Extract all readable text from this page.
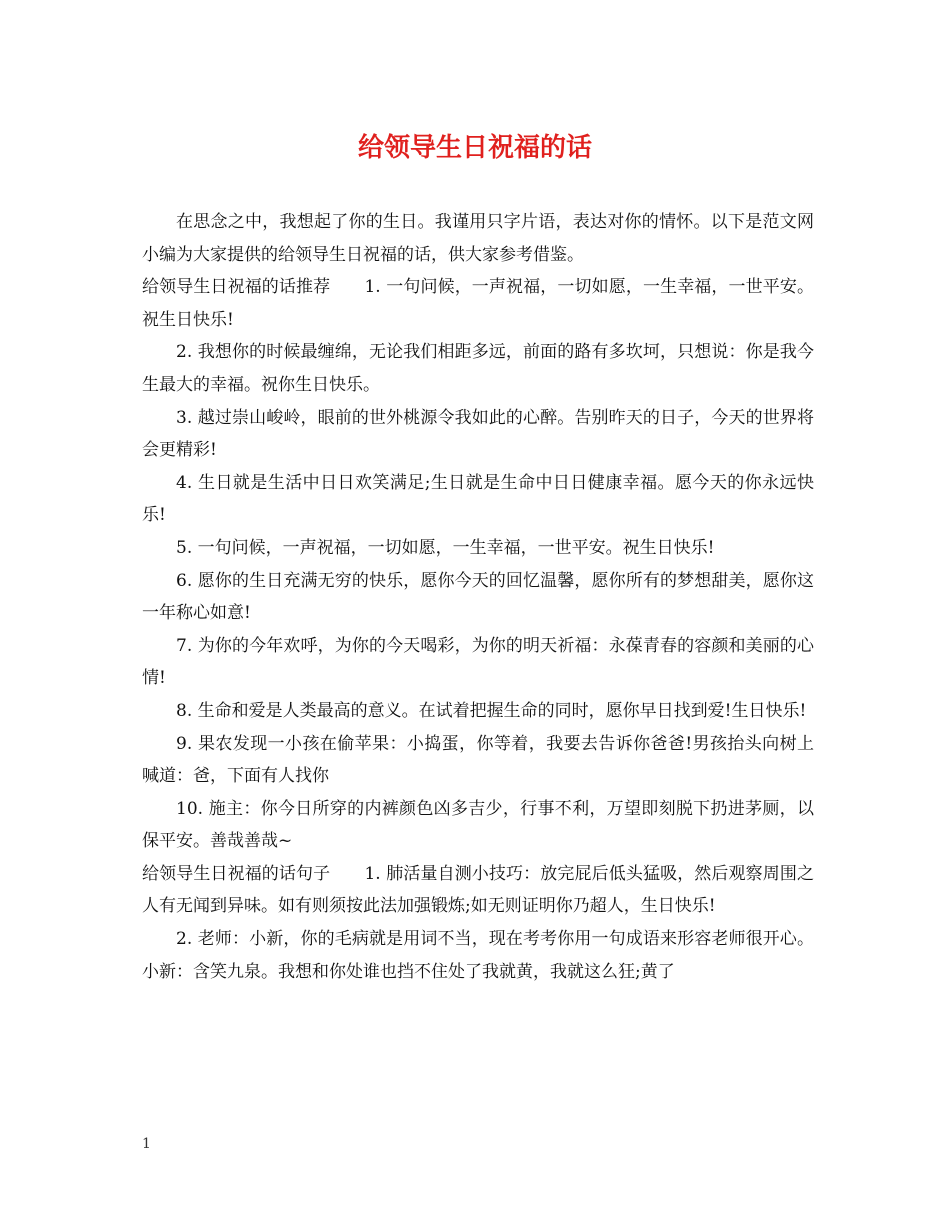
给领导生日祝福的话

在思念之中，我想起了你的生日。我谨用只字片语，表达对你的情怀。以下是范文网小编为大家提供的给领导生日祝福的话，供大家参考借鉴。

给领导生日祝福的话推荐　　1. 一句问候，一声祝福，一切如愿，一生幸福，一世平安。祝生日快乐!

2. 我想你的时候最缠绵，无论我们相距多远，前面的路有多坎坷，只想说：你是我今生最大的幸福。祝你生日快乐。

3. 越过崇山峻岭，眼前的世外桃源令我如此的心醉。告别昨天的日子，今天的世界将会更精彩!

4. 生日就是生活中日日欢笑满足;生日就是生命中日日健康幸福。愿今天的你永远快乐!

5. 一句问候，一声祝福，一切如愿，一生幸福，一世平安。祝生日快乐!

6. 愿你的生日充满无穷的快乐，愿你今天的回忆温馨，愿你所有的梦想甜美，愿你这一年称心如意!

7. 为你的今年欢呼，为你的今天喝彩，为你的明天祈福：永葆青春的容颜和美丽的心情!

8. 生命和爱是人类最高的意义。在试着把握生命的同时，愿你早日找到爱!生日快乐!

9. 果农发现一小孩在偷苹果：小捣蛋，你等着，我要去告诉你爸爸!男孩抬头向树上喊道：爸，下面有人找你

10. 施主：你今日所穿的内裤颜色凶多吉少，行事不利，万望即刻脱下扔进茅厕，以保平安。善哉善哉~

给领导生日祝福的话句子　　1. 肺活量自测小技巧：放完屁后低头猛吸，然后观察周围之人有无闻到异味。如有则须按此法加强锻炼;如无则证明你乃超人，生日快乐!

2. 老师：小新，你的毛病就是用词不当，现在考考你用一句成语来形容老师很开心。小新：含笑九泉。我想和你处谁也挡不住处了我就黄，我就这么狂;黄了

1
